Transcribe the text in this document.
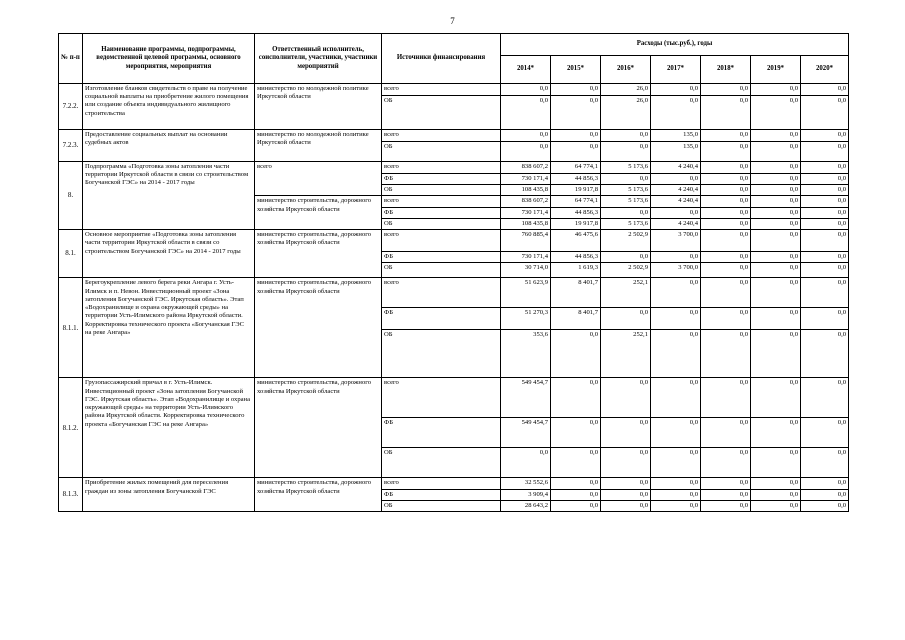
7
№ п-п	Наименование программы, подпрограммы, ведомственной целевой программы, основного мероприятия, мероприятия	Ответственный исполнитель, соисполнители, участники, участники мероприятий	Источники финансирования	Расходы (тыс.руб.), годы						
				2014*	2015*	2016*	2017*	2018*	2019*	2020*
7.2.2.	Изготовление бланков свидетельств о праве на получение социальной выплаты на приобретение жилого помещения или создание объекта индивидуального жилищного строительства	министерство по молодежной политике Иркутской области	всего	0,0	0,0	26,0	0,0	0,0	0,0	0,0
			ОБ	0,0	0,0	26,0	0,0	0,0	0,0	0,0
7.2.3.	Предоставление социальных выплат на основании судебных актов	министерство по молодежной политике Иркутской области	всего	0,0	0,0	0,0	135,0	0,0	0,0	0,0
			ОБ	0,0	0,0	0,0	135,0	0,0	0,0	0,0
8.	Подпрограмма «Подготовка зоны затопления части территории Иркутской области в связи со строительством Богучанской ГЭС» на 2014 - 2017 годы	всего	всего	838 607,2	64 774,1	5 173,6	4 240,4	0,0	0,0	0,0
			ФБ	730 171,4	44 856,3	0,0	0,0	0,0	0,0	0,0
			ОБ	108 435,8	19 917,8	5 173,6	4 240,4	0,0	0,0	0,0
		министерство строительства, дорожного хозяйства Иркутской области	всего	838 607,2	64 774,1	5 173,6	4 240,4	0,0	0,0	0,0
			ФБ	730 171,4	44 856,3	0,0	0,0	0,0	0,0	0,0
			ОБ	108 435,8	19 917,8	5 173,6	4 240,4	0,0	0,0	0,0
8.1.	Основное мероприятие «Подготовка зоны затопления части территории Иркутской области в связи со строительством Богучанской ГЭС» на 2014 - 2017 годы	министерство строительства, дорожного хозяйства Иркутской области	всего	760 885,4	46 475,6	2 502,9	3 700,0	0,0	0,0	0,0
			ФБ	730 171,4	44 856,3	0,0	0,0	0,0	0,0	0,0
			ОБ	30 714,0	1 619,3	2 502,9	3 700,0	0,0	0,0	0,0
8.1.1.	Берегоукрепление левого берега реки Ангара г. Усть-Илимск и п. Невон. Инвестиционный проект «Зона затопления Богучанской ГЭС. Иркутская область». Этап «Водохранилище и охрана окружающей среды» на территории Усть-Илимского района Иркутской области. Корректировка технического проекта «Богучанская ГЭС на реке Ангара»	министерство строительства, дорожного хозяйства Иркутской области	всего	51 623,9	8 401,7	252,1	0,0	0,0	0,0	0,0
			ФБ	51 270,3	8 401,7	0,0	0,0	0,0	0,0	0,0
			ОБ	353,6	0,0	252,1	0,0	0,0	0,0	0,0
8.1.2.	Грузопассажирский причал в г. Усть-Илимск. Инвестиционный проект «Зона затопления Богучанской ГЭС. Иркутская область». Этап «Водохранилище и охрана окружающей среды» на территории Усть-Илимского района Иркутской области. Корректировка технического проекта «Богучанская ГЭС на реке Ангара»	министерство строительства, дорожного хозяйства Иркутской области	всего	549 454,7	0,0	0,0	0,0	0,0	0,0	0,0
			ФБ	549 454,7	0,0	0,0	0,0	0,0	0,0	0,0
			ОБ	0,0	0,0	0,0	0,0	0,0	0,0	0,0
8.1.3.	Приобретение жилых помещений для переселения граждан из зоны затопления Богучанской ГЭС	министерство строительства, дорожного хозяйства Иркутской области	всего	32 552,6	0,0	0,0	0,0	0,0	0,0	0,0
			ФБ	3 909,4	0,0	0,0	0,0	0,0	0,0	0,0
			ОБ	28 643,2	0,0	0,0	0,0	0,0	0,0	0,0
